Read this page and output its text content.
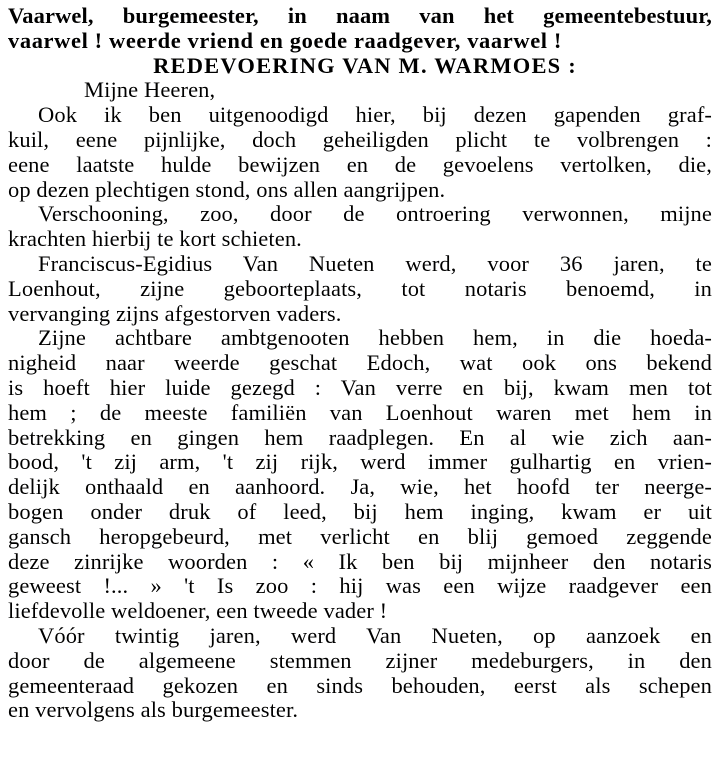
Vaarwel, burgemeester, in naam van het gemeentebestuur,
vaarwel ! weerde vriend en goede raadgever, vaarwel !
REDEVOERING VAN M. WARMOES :
Mijne Heeren,
Ook ik ben uitgenoodigd hier, bij dezen gapenden graf-
kuil, eene pijnlijke, doch geheiligden plicht te volbrengen :
eene laatste hulde bewijzen en de gevoelens vertolken, die,
op dezen plechtigen stond, ons allen aangrijpen.
Verschooning, zoo, door de ontroering verwonnen, mijne
krachten hierbij te kort schieten.
Franciscus-Egidius Van Nueten werd, voor 36 jaren, te
Loenhout, zijne geboorteplaats, tot notaris benoemd, in
vervanging zijns afgestorven vaders.
Zijne achtbare ambtgenooten hebben hem, in die hoeda-
nigheid naar weerde geschat Edoch, wat ook ons bekend
is hoeft hier luide gezegd : Van verre en bij, kwam men tot
hem ; de meeste familiën van Loenhout waren met hem in
betrekking en gingen hem raadplegen. En al wie zich aan-
bood, 't zij arm, 't zij rijk, werd immer gulhartig en vrien-
delijk onthaald en aanhoord. Ja, wie, het hoofd ter neerge-
bogen onder druk of leed, bij hem inging, kwam er uit
gansch heropgebeurd, met verlicht en blij gemoed zeggende
deze zinrijke woorden : « Ik ben bij mijnheer den notaris
geweest !... » 't Is zoo : hij was een wijze raadgever een
liefdevolle weldoener, een tweede vader !
Vóór twintig jaren, werd Van Nueten, op aanzoek en
door de algemeene stemmen zijner medeburgers, in den
gemeenteraad gekozen en sinds behouden, eerst als schepen
en vervolgens als burgemeester.
